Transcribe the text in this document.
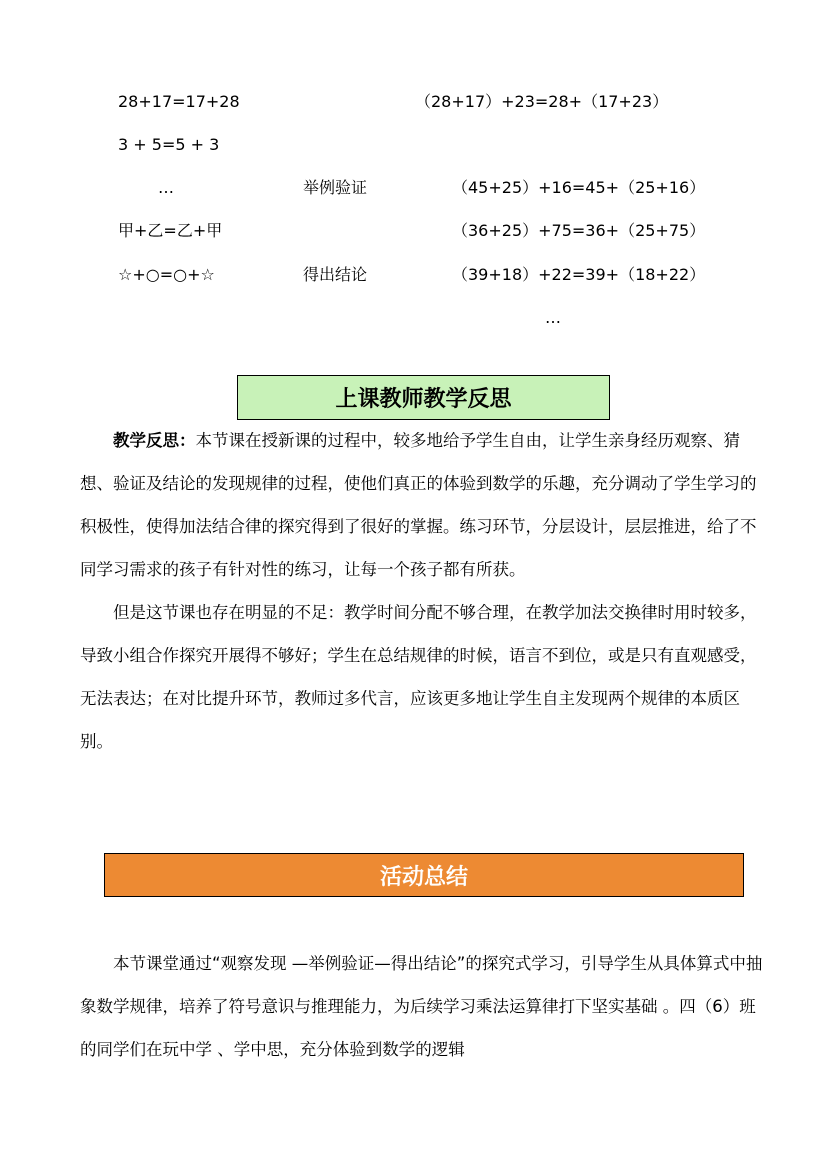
28+17=17+28
3 + 5=5 + 3
…
甲+乙=乙+甲
☆+○=○+☆
举例验证
得出结论
（28+17）+23=28+（17+23）
（45+25）+16=45+（25+16）
（36+25）+75=36+（25+75）
（39+18）+22=39+（18+22）
…
上课教师教学反思

教学反思：本节课在授新课的过程中，较多地给予学生自由，让学生亲身经历观察、猜想、验证及结论的发现规律的过程，使他们真正的体验到数学的乐趣，充分调动了学生学习的积极性，使得加法结合律的探究得到了很好的掌握。练习环节，分层设计，层层推进，给了不同学习需求的孩子有针对性的练习，让每一个孩子都有所获。

但是这节课也存在明显的不足：教学时间分配不够合理，在教学加法交换律时用时较多，导致小组合作探究开展得不够好；学生在总结规律的时候，语言不到位，或是只有直观感受，无法表达；在对比提升环节，教师过多代言，应该更多地让学生自主发现两个规律的本质区别。

活动总结

本节课堂通过“观察发现 —举例验证—得出结论”的探究式学习，引导学生从具体算式中抽象数学规律，培养了符号意识与推理能力，为后续学习乘法运算律打下坚实基础 。四（6）班的同学们在玩中学 、学中思，充分体验到数学的逻辑
